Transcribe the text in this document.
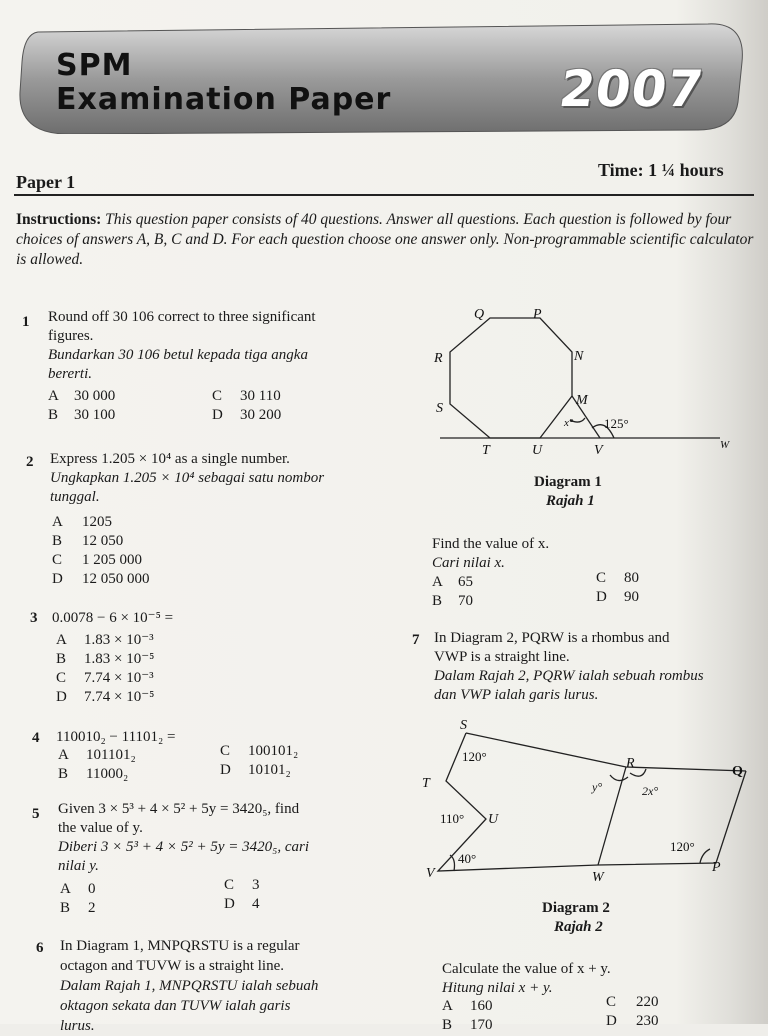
SPM
Examination Paper	2007
Paper 1
Time: 1 ¼ hours
Instructions: This question paper consists of 40 questions. Answer all questions. Each question is followed by four choices of answers A, B, C and D. For each question choose one answer only. Non-programmable scientific calculator is allowed.
1 Round off 30 106 correct to three significant
figures.
Bundarkan 30 106 betul kepada tiga angka
bererti.
A 30 000
B 30 100
C 30 110
D 30 200
2 Express 1.205 × 10⁴ as a single number.
Ungkapkan 1.205 × 10⁴ sebagai satu nombor
tunggal.
A 1205
B 12 050
C 1 205 000
D 12 050 000
3 0.0078 − 6 × 10⁻⁵ =
A 1.83 × 10⁻³
B 1.83 × 10⁻⁵
C 7.74 × 10⁻³
D 7.74 × 10⁻⁵
4 110010₂ − 11101₂ =
A 101101₂
B 11000₂
C 100101₂
D 10101₂
5 Given 3 × 5³ + 4 × 5² + 5y = 3420₅, find
the value of y.
Diberi 3 × 5³ + 4 × 5² + 5y = 3420₅, cari
nilai y.
A 0
B 2
C 3
D 4
6 In Diagram 1, MNPQRSTU is a regular
octagon and TUVW is a straight line.
Dalam Rajah 1, MNPQRSTU ialah sebuah
oktagon sekata dan TUVW ialah garis
lurus.
Q	P
R	N
S
M
T	U	V	W
x° 125°
Diagram 1
Rajah 1
Find the value of x.
Cari nilai x.
A 65
B 70
C 80
D 90
7 In Diagram 2, PQRW is a rhombus and
VWP is a straight line.
Dalam Rajah 2, PQRW ialah sebuah rombus
dan VWP ialah garis lurus.
S
T
U
V	W
R
Q
P
y°	2x°
120°
110°
40°
120°
Diagram 2
Rajah 2
Calculate the value of x + y.
Hitung nilai x + y.
A 160
B 170
C 220
D 230
